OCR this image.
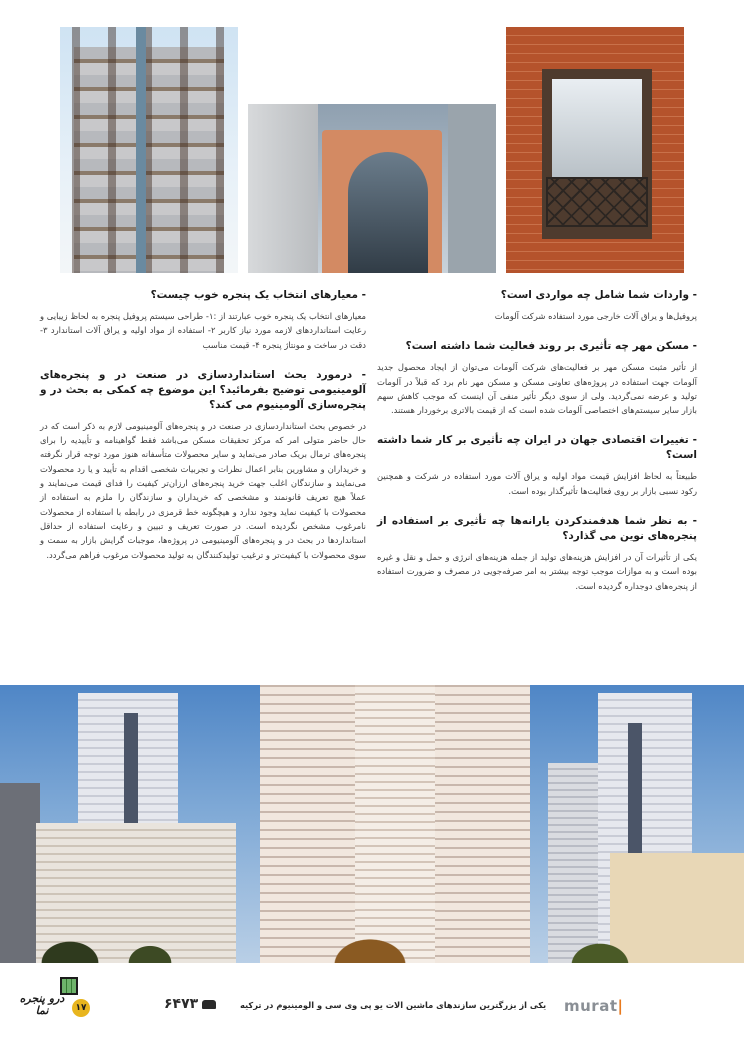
- واردات شما شامل چه مواردی است؟
پروفیل‌ها و یراق آلات خارجی مورد استفاده شرکت آلومات
- مسکن مهر چه تأثیری بر روند فعالیت شما داشته است؟
از تأثیر مثبت مسکن مهر بر فعالیت‌های شرکت آلومات می‌توان از ایجاد محصول جدید آلومات جهت استفاده در پروژه‌های تعاونی مسکن و مسکن مهر نام برد که قبلاً در آلومات تولید و عرضه نمی‌گردید. ولی از سوی دیگر تأثیر منفی آن اینست که موجب کاهش سهم بازار سایر سیستم‌های اختصاصی آلومات شده است که از قیمت بالاتری برخوردار هستند.
- تغییرات اقتصادی جهان در ایران چه تأثیری بر کار شما داشته است؟
طبیعتاً به لحاظ افزایش قیمت مواد اولیه و یراق آلات مورد استفاده در شرکت و همچنین رکود نسبی بازار بر روی فعالیت‌ها تأثیرگذار بوده است.
- به نظر شما هدفمندکردن یارانه‌ها چه تأثیری بر استفاده از پنجره‌های نوین می گذارد؟
یکی از تأثیرات آن در افزایش هزینه‌های تولید از جمله هزینه‌های انرژی و حمل و نقل و غیره بوده است و به موازات موجب توجه بیشتر به امر صرفه‌جویی در مصرف و ضرورت استفاده از پنجره‌های دوجداره گردیده است.
- معیارهای انتخاب یک پنجره خوب چیست؟
معیارهای انتخاب یک پنجره خوب عبارتند از :۱- طراحی سیستم پروفیل پنجره به لحاظ زیبایی و رعایت استانداردهای لازمه مورد نیاز کاربر ۲- استفاده از مواد اولیه و یراق آلات استاندارد ۳- دقت در ساخت و مونتاژ پنجره ۴- قیمت مناسب
- درمورد بحث استانداردسازی در صنعت در و پنجره‌های آلومینیومی توضیح بفرمائید؟ این موضوع چه کمکی به بحث در و پنجره‌سازی آلومینیوم می کند؟
در خصوص بحث استانداردسازی در صنعت در و پنجره‌های آلومینیومی لازم به ذکر است که در حال حاضر متولی امر که مرکز تحقیقات مسکن می‌باشد فقط گواهینامه و تأییدیه را برای پنجره‌های ترمال بریک صادر می‌نماید و سایر محصولات متأسفانه هنوز مورد توجه قرار نگرفته و خریداران و مشاورین بنابر اعمال نظرات و تجربیات شخصی اقدام به تأیید و یا رد محصولات می‌نمایند و سازندگان اغلب جهت خرید پنجره‌های ارزان‌تر کیفیت را فدای قیمت می‌نمایند و عملاً هیچ تعریف قانونمند و مشخصی که خریداران و سازندگان را ملزم به استفاده از محصولات با کیفیت نماید وجود ندارد و هیچگونه خط قرمزی در رابطه با استفاده از محصولات نامرغوب مشخص نگردیده است. در صورت تعریف و تبیین و رعایت استفاده از حداقل استانداردها در بحث در و پنجره‌های آلومینیومی در پروژه‌ها، موجبات گرایش بازار به سمت و سوی محصولات با کیفیت‌تر و ترغیب تولیدکنندگان به تولید محصولات مرغوب فراهم می‌گردد.
درو پنجره نما	۱۷	۶۴۷۳	یکی از بزرگترین سازندهای ماشین الات یو پی وی سی و الومینیوم در ترکیه murat|
